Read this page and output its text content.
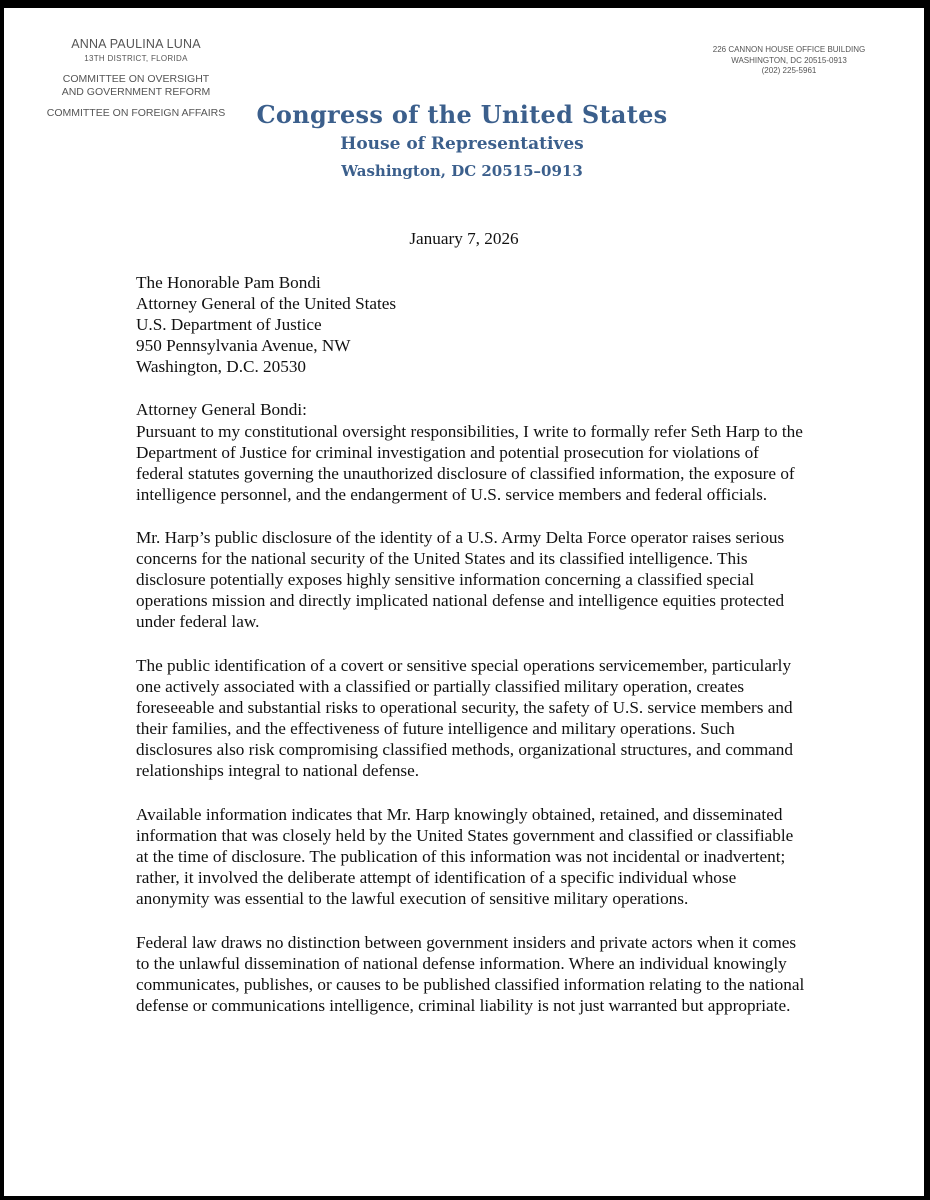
ANNA PAULINA LUNA
13TH DISTRICT, FLORIDA
COMMITTEE ON OVERSIGHT AND GOVERNMENT REFORM
COMMITTEE ON FOREIGN AFFAIRS
226 CANNON HOUSE OFFICE BUILDING
WASHINGTON, DC 20515-0913
(202) 225-5961
Congress of the United States
House of Representatives
Washington, DC 20515–0913
January 7, 2026
The Honorable Pam Bondi
Attorney General of the United States
U.S. Department of Justice
950 Pennsylvania Avenue, NW
Washington, D.C. 20530
Attorney General Bondi:
Pursuant to my constitutional oversight responsibilities, I write to formally refer Seth Harp to the
Department of Justice for criminal investigation and potential prosecution for violations of
federal statutes governing the unauthorized disclosure of classified information, the exposure of
intelligence personnel, and the endangerment of U.S. service members and federal officials.
Mr. Harp’s public disclosure of the identity of a U.S. Army Delta Force operator raises serious
concerns for the national security of the United States and its classified intelligence. This
disclosure potentially exposes highly sensitive information concerning a classified special
operations mission and directly implicated national defense and intelligence equities protected
under federal law.
The public identification of a covert or sensitive special operations servicemember, particularly
one actively associated with a classified or partially classified military operation, creates
foreseeable and substantial risks to operational security, the safety of U.S. service members and
their families, and the effectiveness of future intelligence and military operations. Such
disclosures also risk compromising classified methods, organizational structures, and command
relationships integral to national defense.
Available information indicates that Mr. Harp knowingly obtained, retained, and disseminated
information that was closely held by the United States government and classified or classifiable
at the time of disclosure. The publication of this information was not incidental or inadvertent;
rather, it involved the deliberate attempt of identification of a specific individual whose
anonymity was essential to the lawful execution of sensitive military operations.
Federal law draws no distinction between government insiders and private actors when it comes
to the unlawful dissemination of national defense information. Where an individual knowingly
communicates, publishes, or causes to be published classified information relating to the national
defense or communications intelligence, criminal liability is not just warranted but appropriate.
